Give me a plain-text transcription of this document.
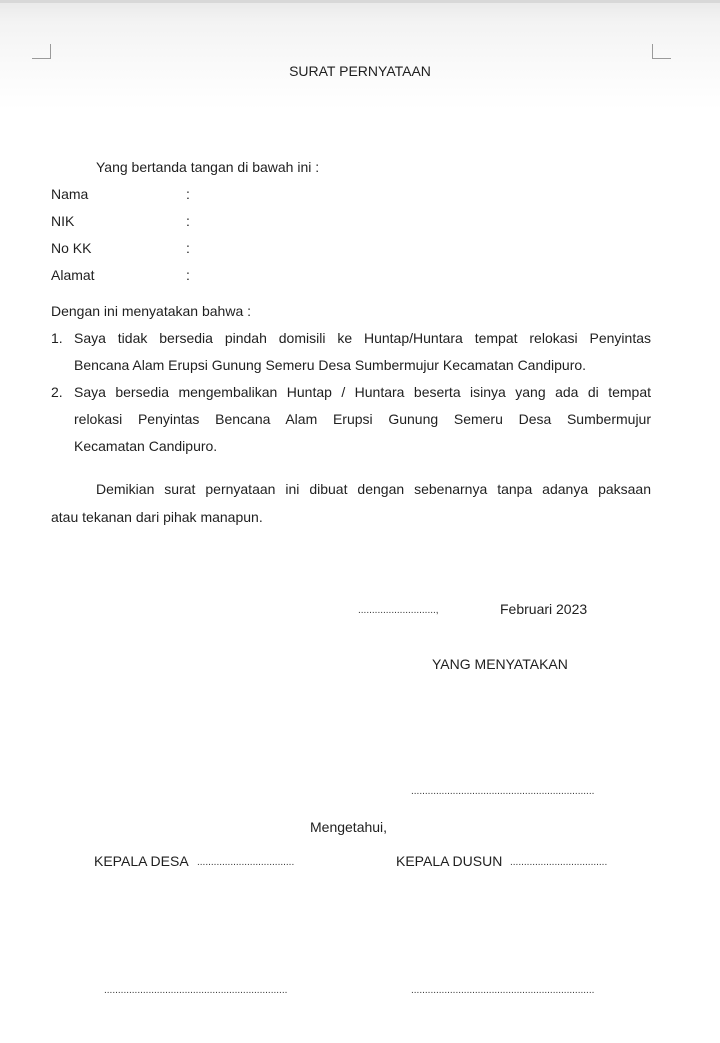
SURAT PERNYATAAN
Yang bertanda tangan di bawah ini :
Nama	:
NIK	:
No KK	:
Alamat	:
Dengan ini menyatakan bahwa :
1. Saya tidak bersedia pindah domisili ke Huntap/Huntara tempat relokasi Penyintas
Bencana Alam Erupsi Gunung Semeru Desa Sumbermujur Kecamatan Candipuro.
2. Saya bersedia mengembalikan Huntap / Huntara beserta isinya yang ada di tempat
relokasi Penyintas Bencana Alam Erupsi Gunung Semeru Desa Sumbermujur
Kecamatan Candipuro.
Demikian surat pernyataan ini dibuat dengan sebenarnya tanpa adanya paksaan
atau tekanan dari pihak manapun.
............................,	Februari 2023
YANG MENYATAKAN
..................................................................
Mengetahui,
KEPALA DESA ...................................	KEPALA DUSUN ...................................
..................................................................	..................................................................
